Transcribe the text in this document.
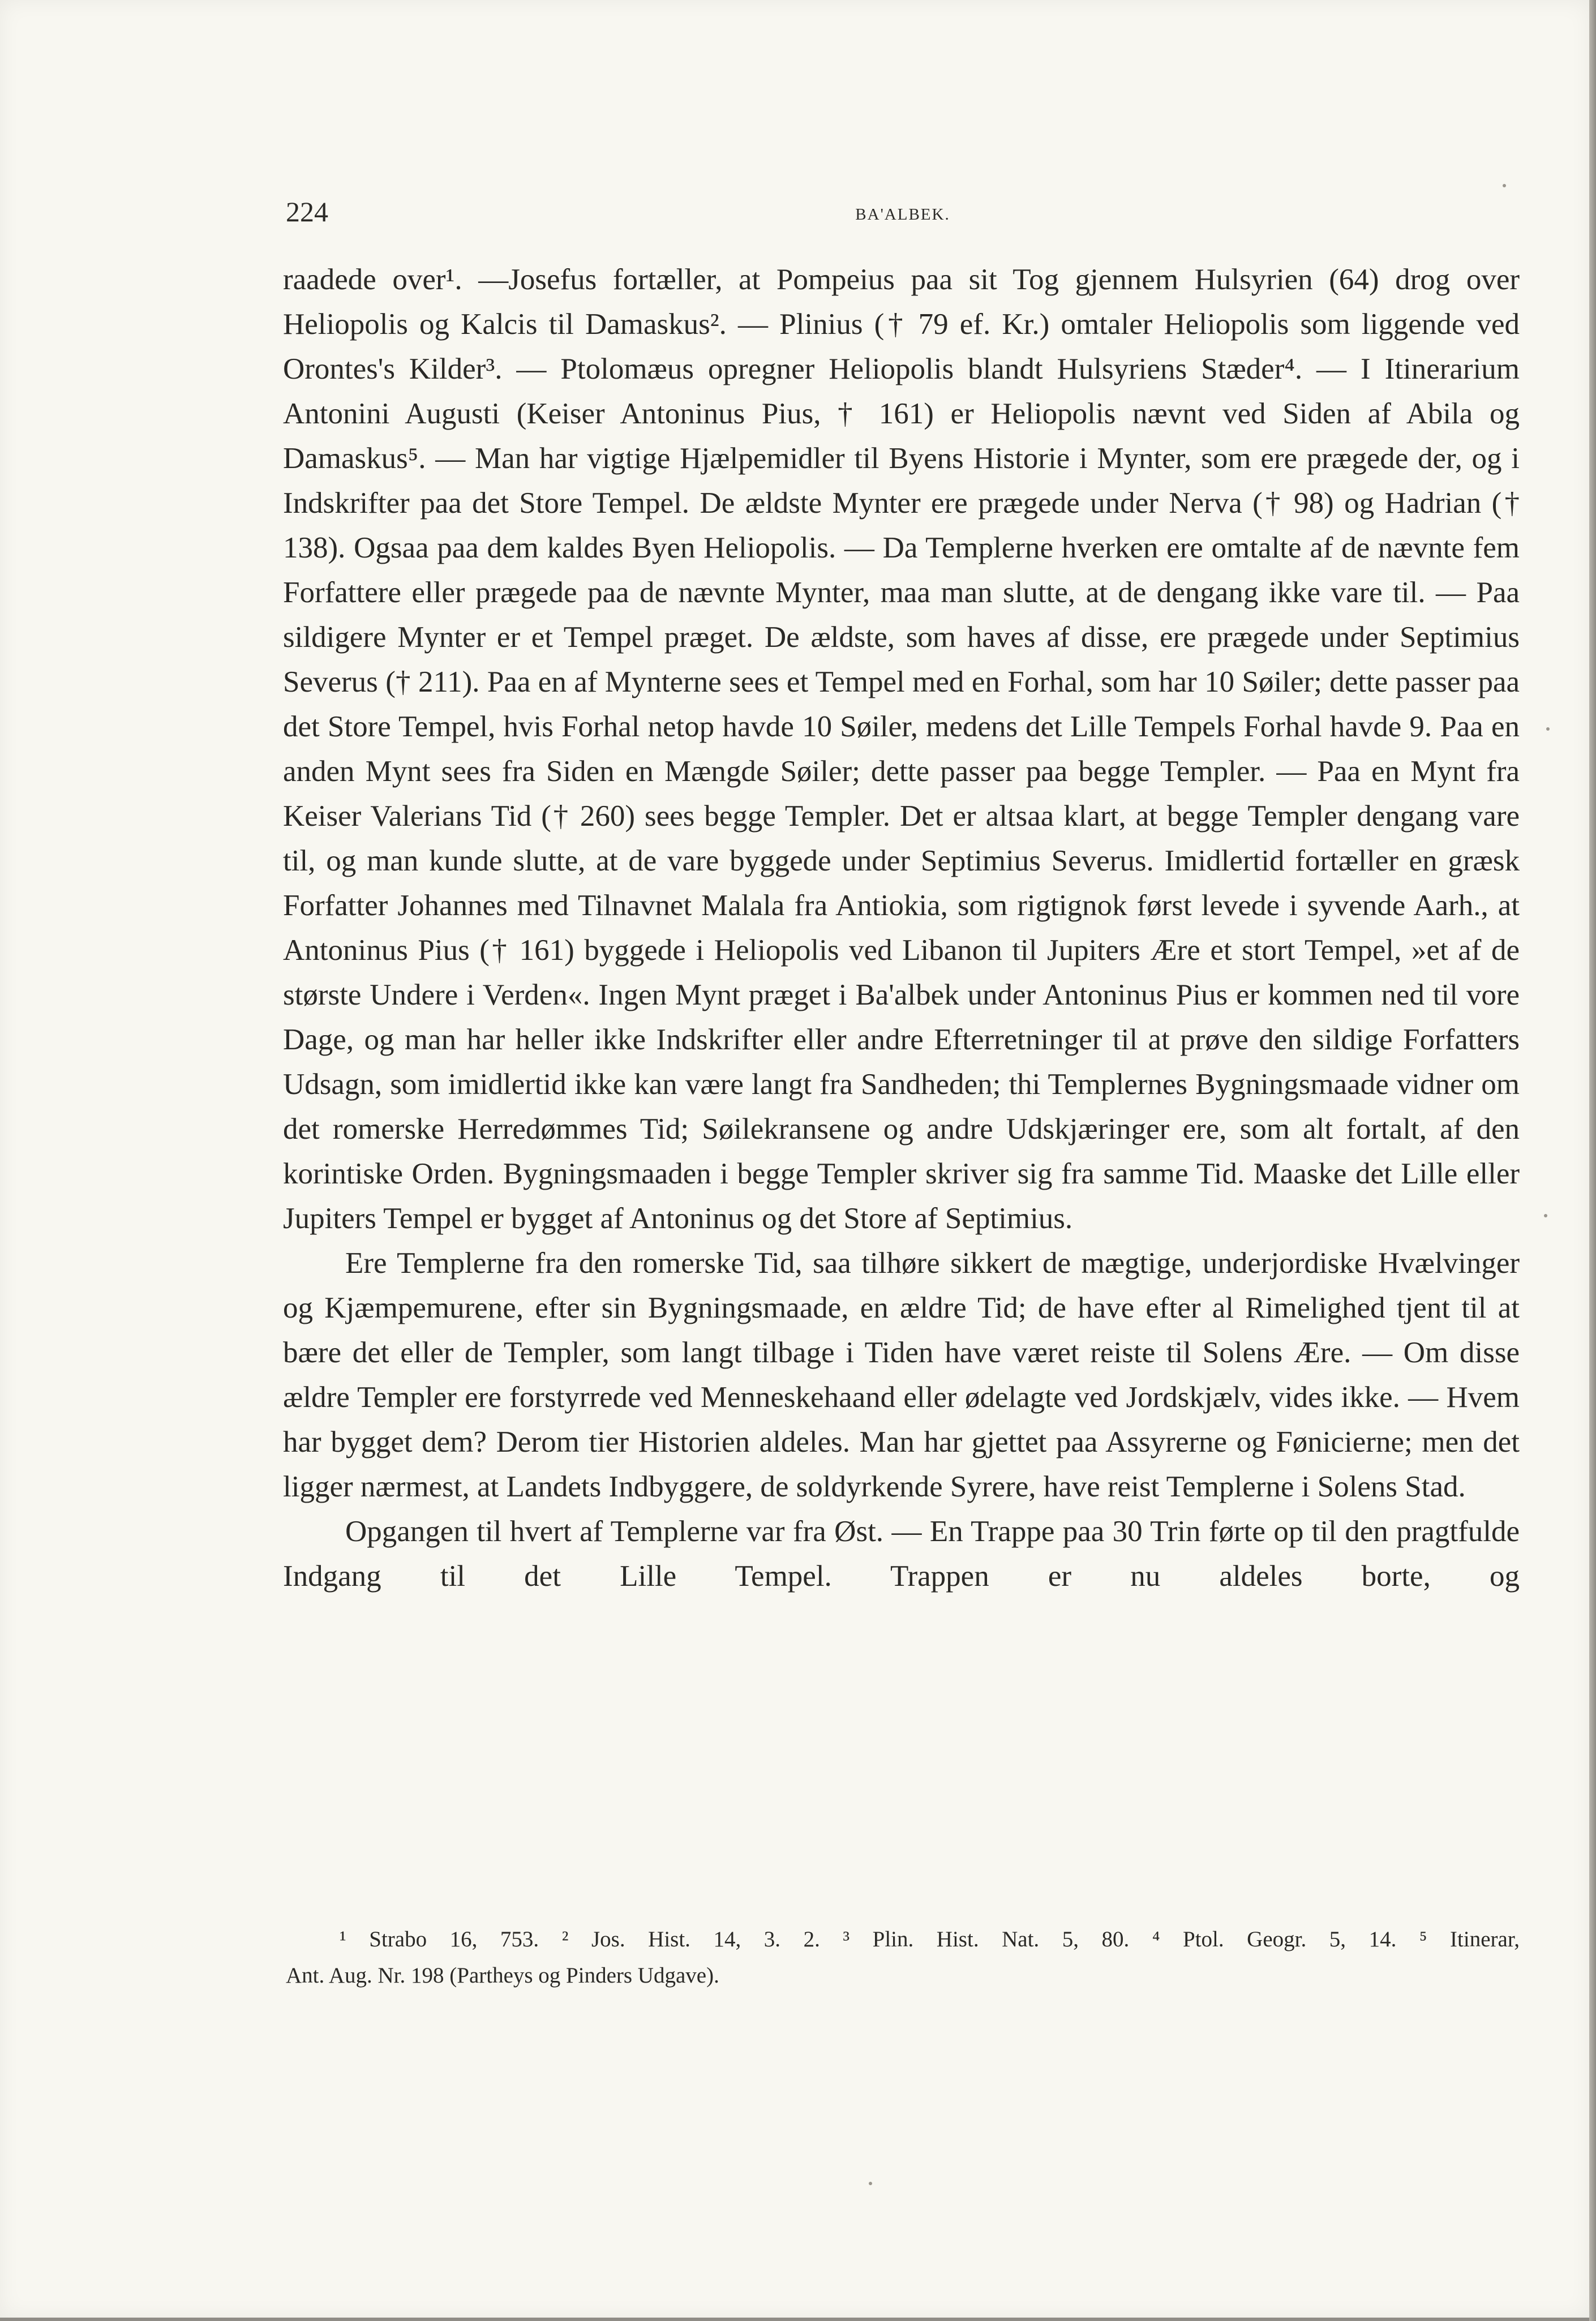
224	BA'ALBEK.

raadede over¹. —Josefus fortæller, at Pompeius paa sit Tog gjennem Hulsyrien (64) drog over Heliopolis og Kalcis til Damaskus². — Plinius († 79 ef. Kr.) omtaler Heliopolis som liggende ved Orontes's Kilder³. — Ptolomæus opregner Heliopolis blandt Hulsyriens Stæder⁴. — I Itinerarium Antonini Augusti (Keiser Antoninus Pius, † 161) er Heliopolis nævnt ved Siden af Abila og Damaskus⁵. — Man har vigtige Hjælpemidler til Byens Historie i Mynter, som ere prægede der, og i Indskrifter paa det Store Tempel. De ældste Mynter ere prægede under Nerva († 98) og Hadrian († 138). Ogsaa paa dem kaldes Byen Heliopolis. — Da Templerne hverken ere omtalte af de nævnte fem Forfattere eller prægede paa de nævnte Mynter, maa man slutte, at de dengang ikke vare til. — Paa sildigere Mynter er et Tempel præget. De ældste, som haves af disse, ere prægede under Septimius Severus († 211). Paa en af Mynterne sees et Tempel med en Forhal, som har 10 Søiler; dette passer paa det Store Tempel, hvis Forhal netop havde 10 Søiler, medens det Lille Tempels Forhal havde 9. Paa en anden Mynt sees fra Siden en Mængde Søiler; dette passer paa begge Templer. — Paa en Mynt fra Keiser Valerians Tid († 260) sees begge Templer. Det er altsaa klart, at begge Templer dengang vare til, og man kunde slutte, at de vare byggede under Septimius Severus. Imidlertid fortæller en græsk Forfatter Johannes med Tilnavnet Malala fra Antiokia, som rigtignok først levede i syvende Aarh., at Antoninus Pius († 161) byggede i Heliopolis ved Libanon til Jupiters Ære et stort Tempel, »et af de største Undere i Verden«. Ingen Mynt præget i Ba'albek under Antoninus Pius er kommen ned til vore Dage, og man har heller ikke Indskrifter eller andre Efterretninger til at prøve den sildige Forfatters Udsagn, som imidlertid ikke kan være langt fra Sandheden; thi Templernes Bygningsmaade vidner om det romerske Herredømmes Tid; Søilekransene og andre Udskjæringer ere, som alt fortalt, af den korintiske Orden. Bygningsmaaden i begge Templer skriver sig fra samme Tid. Maaske det Lille eller Jupiters Tempel er bygget af Antoninus og det Store af Septimius.

Ere Templerne fra den romerske Tid, saa tilhøre sikkert de mægtige, underjordiske Hvælvinger og Kjæmpemurene, efter sin Bygningsmaade, en ældre Tid; de have efter al Rimelighed tjent til at bære det eller de Templer, som langt tilbage i Tiden have været reiste til Solens Ære. — Om disse ældre Templer ere forstyrrede ved Menneskehaand eller ødelagte ved Jordskjælv, vides ikke. — Hvem har bygget dem? Derom tier Historien aldeles. Man har gjettet paa Assyrerne og Fønicierne; men det ligger nærmest, at Landets Indbyggere, de soldyrkende Syrere, have reist Templerne i Solens Stad.

Opgangen til hvert af Templerne var fra Øst. — En Trappe paa 30 Trin førte op til den pragtfulde Indgang til det Lille Tempel. Trappen er nu aldeles borte, og

¹ Strabo 16, 753. ² Jos. Hist. 14, 3. 2. ³ Plin. Hist. Nat. 5, 80. ⁴ Ptol. Geogr. 5, 14. ⁵ Itinerar,

Ant. Aug. Nr. 198 (Partheys og Pinders Udgave).
